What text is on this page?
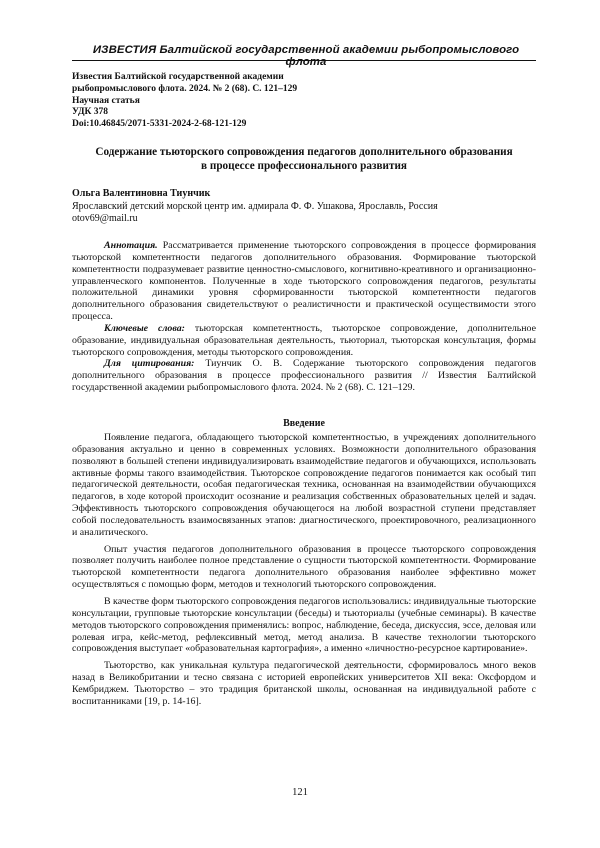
ИЗВЕСТИЯ Балтийской государственной академии рыбопромыслового флота
Известия Балтийской государственной академии
рыбопромыслового флота. 2024. № 2 (68). С. 121–129
Научная статья
УДК 378
Doi:10.46845/2071-5331-2024-2-68-121-129
Содержание тьюторского сопровождения педагогов дополнительного образования
в процессе профессионального развития
Ольга Валентиновна Тиунчик
Ярославский детский морской центр им. адмирала Ф. Ф. Ушакова, Ярославль, Россия
otov69@mail.ru

Аннотация. Рассматривается применение тьюторского сопровождения в процессе формирования тьюторской компетентности педагогов дополнительного образования. Формирование тьюторской компетентности подразумевает развитие ценностно-смыслового, когнитивно-креативного и организационно-управленческого компонентов. Полученные в ходе тьюторского сопровождения педагогов, результаты положительной динамики уровня сформированности тьюторской компетентности педагогов дополнительного образования свидетельствуют о реалистичности и практической осуществимости этого процесса.

Ключевые слова: тьюторская компетентность, тьюторское сопровождение, дополнительное образование, индивидуальная образовательная деятельность, тьюториал, тьюторская консультация, формы тьюторского сопровождения, методы тьюторского сопровождения.

Для цитирования: Тиунчик О. В. Содержание тьюторского сопровождения педагогов дополнительного образования в процессе профессионального развития // Известия Балтийской государственной академии рыбопромыслового флота. 2024. № 2 (68). С. 121–129.

Введение

Появление педагога, обладающего тьюторской компетентностью, в учреждениях дополнительного образования актуально и ценно в современных условиях. Возможности дополнительного образования позволяют в большей степени индивидуализировать взаимодействие педагогов и обучающихся, использовать активные формы такого взаимодействия. Тьюторское сопровождение педагогов понимается как особый тип педагогической деятельности, особая педагогическая техника, основанная на взаимодействии обучающихся педагогов, в ходе которой происходит осознание и реализация собственных образовательных целей и задач. Эффективность тьюторского сопровождения обучающегося на любой возрастной ступени представляет собой последовательность взаимосвязанных этапов: диагностического, проектировочного, реализационного и аналитического.

Опыт участия педагогов дополнительного образования в процессе тьюторского сопровождения позволяет получить наиболее полное представление о сущности тьюторской компетентности. Формирование тьюторской компетентности педагога дополнительного образования наиболее эффективно может осуществляться с помощью форм, методов и технологий тьюторского сопровождения.

В качестве форм тьюторского сопровождения педагогов использовались: индивидуальные тьюторские консультации, групповые тьюторские консультации (беседы) и тьюториалы (учебные семинары). В качестве методов тьюторского сопровождения применялись: вопрос, наблюдение, беседа, дискуссия, эссе, деловая или ролевая игра, кейс-метод, рефлексивный метод, метод анализа. В качестве технологии тьюторского сопровождения выступает «образовательная картография», а именно «личностно-ресурсное картирование».

Тьюторство, как уникальная культура педагогической деятельности, сформировалось много веков назад в Великобритании и тесно связана с историей европейских университетов XII века: Оксфордом и Кембриджем. Тьюторство – это традиция британской школы, основанная на индивидуальной работе с воспитанниками [19, р. 14-16].

121
